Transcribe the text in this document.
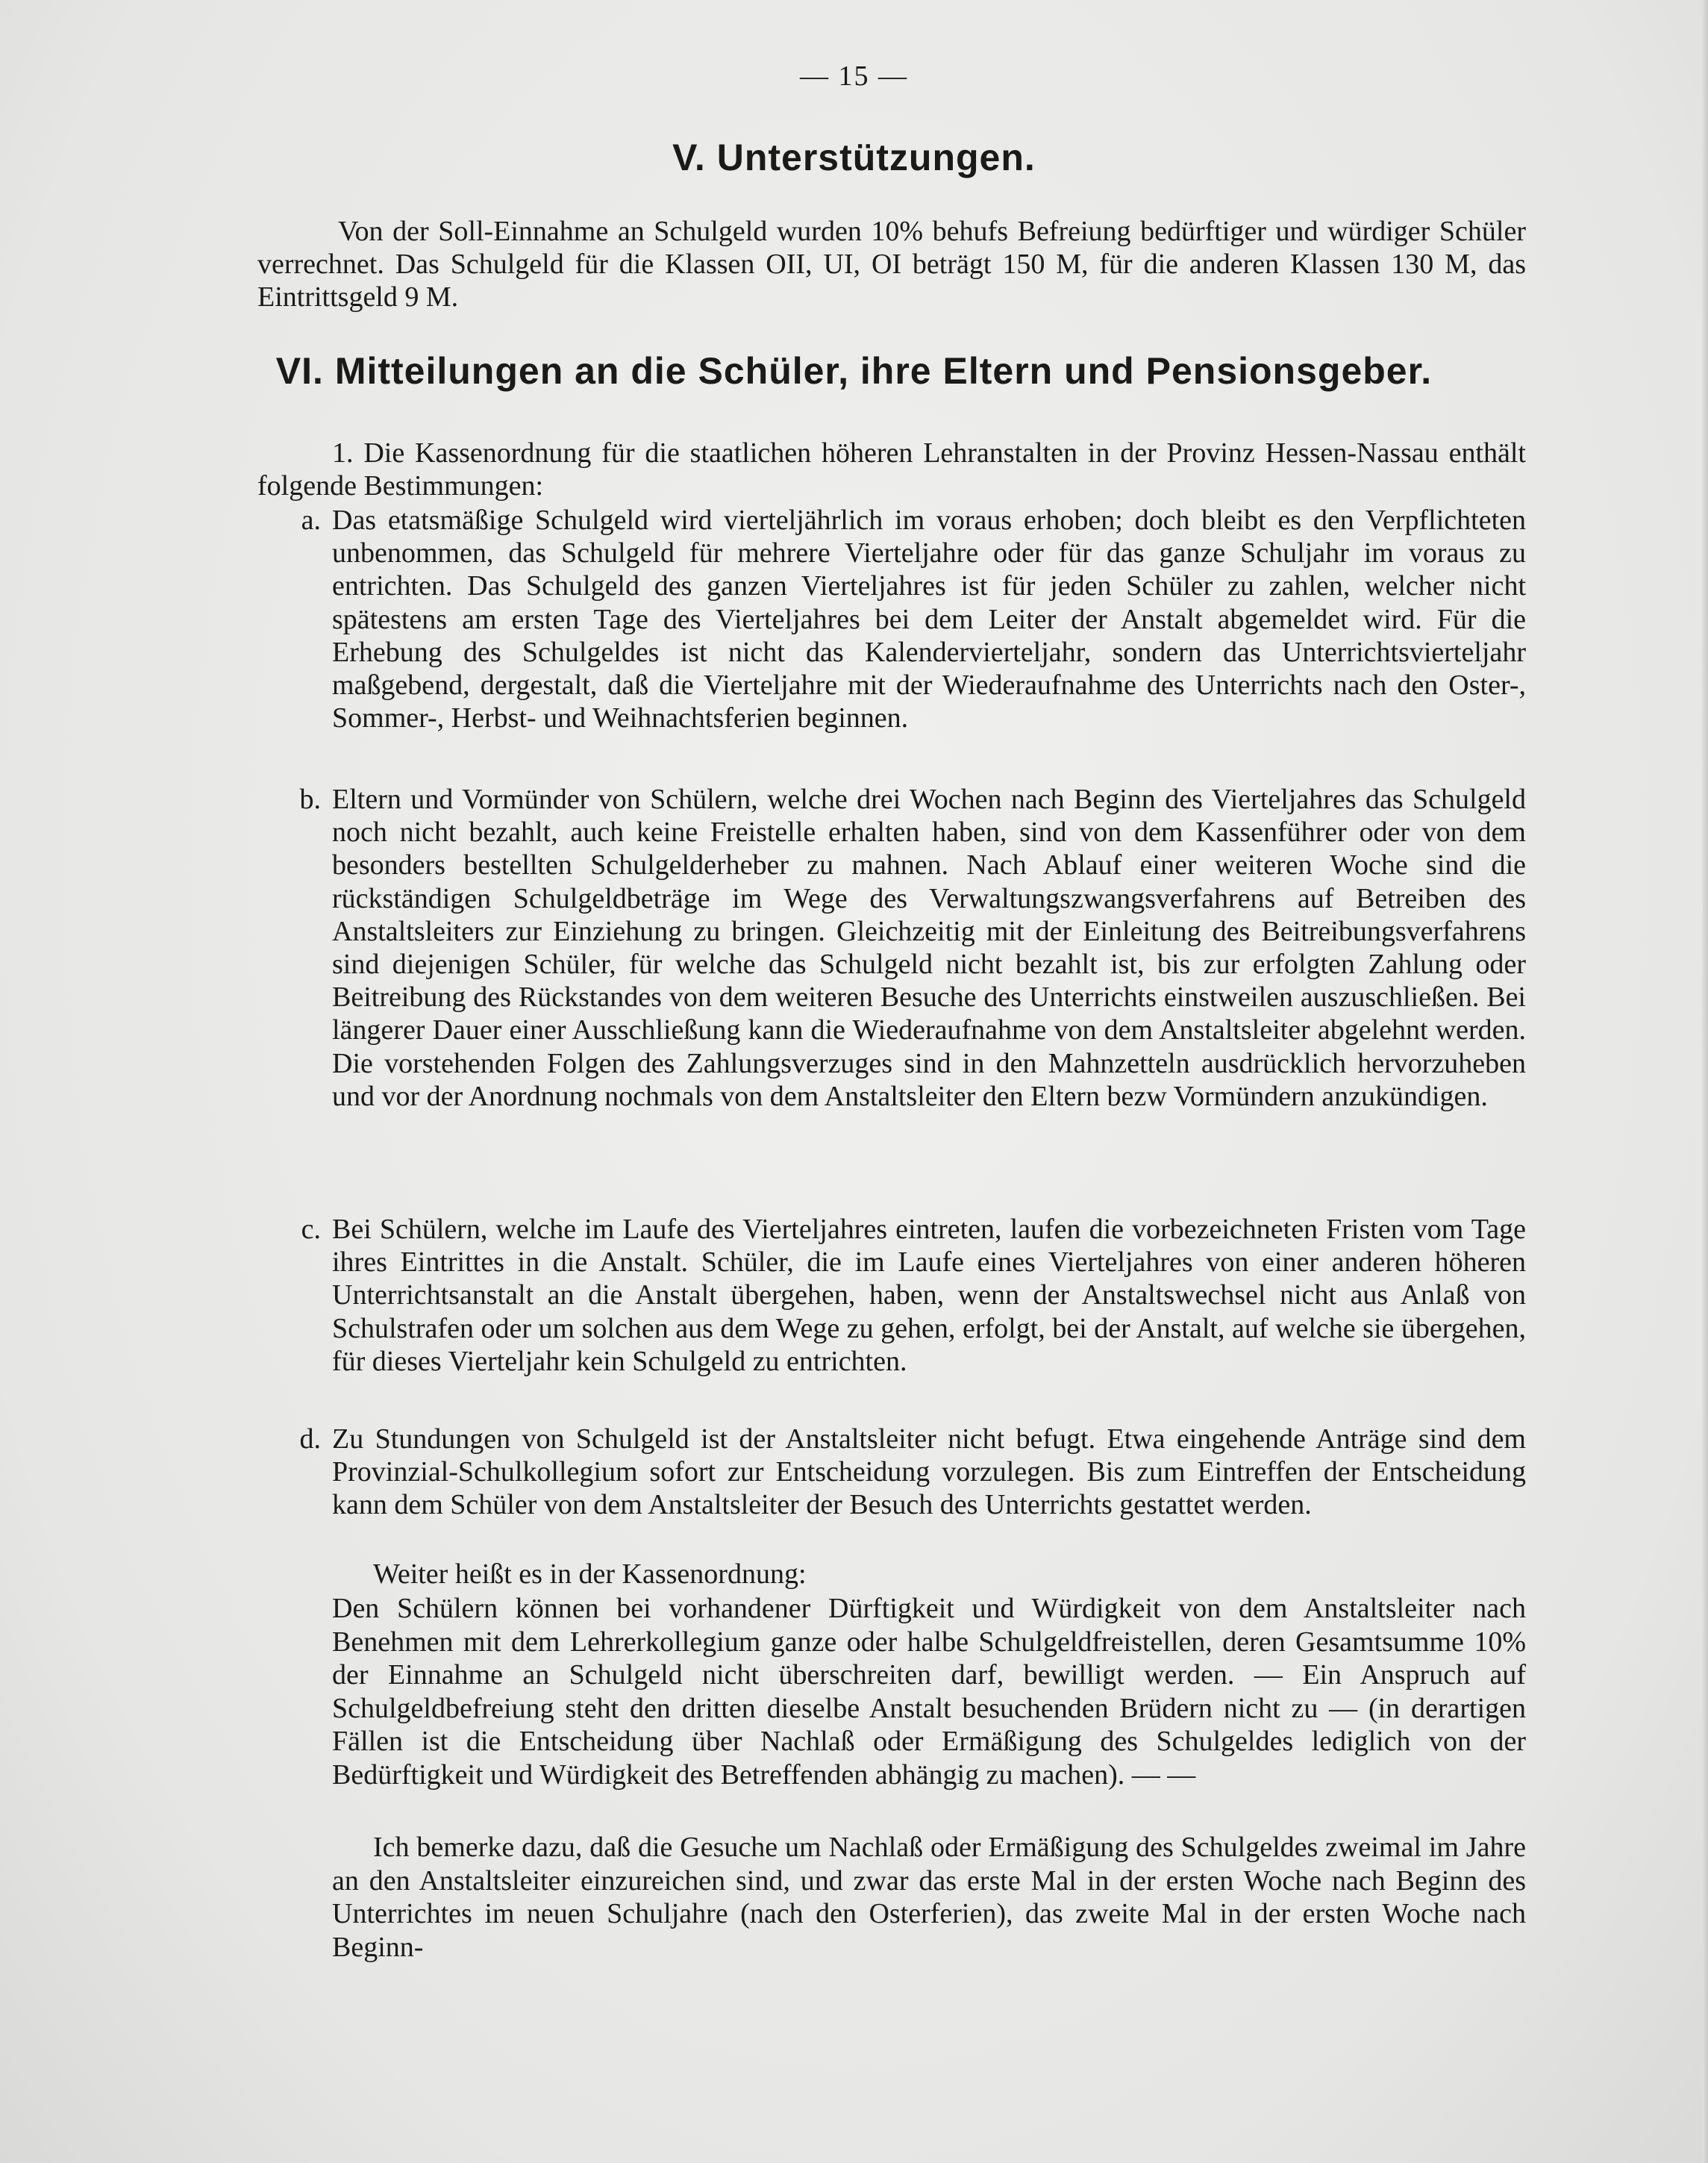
— 15 —
V. Unterstützungen.
Von der Soll-Einnahme an Schulgeld wurden 10% behufs Befreiung bedürftiger und würdiger Schüler verrechnet. Das Schulgeld für die Klassen OII, UI, OI beträgt 150 M, für die anderen Klassen 130 M, das Eintrittsgeld 9 M.
VI. Mitteilungen an die Schüler, ihre Eltern und Pensionsgeber.
1. Die Kassenordnung für die staatlichen höheren Lehranstalten in der Provinz Hessen-Nassau enthält folgende Bestimmungen:
a. Das etatsmäßige Schulgeld wird vierteljährlich im voraus erhoben; doch bleibt es den Verpflichteten unbenommen, das Schulgeld für mehrere Vierteljahre oder für das ganze Schuljahr im voraus zu entrichten. Das Schulgeld des ganzen Vierteljahres ist für jeden Schüler zu zahlen, welcher nicht spätestens am ersten Tage des Vierteljahres bei dem Leiter der Anstalt abgemeldet wird. Für die Erhebung des Schulgeldes ist nicht das Kalendervierteljahr, sondern das Unterrichtsvierteljahr maßgebend, dergestalt, daß die Vierteljahre mit der Wiederaufnahme des Unterrichts nach den Oster-, Sommer-, Herbst- und Weihnachtsferien beginnen.
b. Eltern und Vormünder von Schülern, welche drei Wochen nach Beginn des Vierteljahres das Schulgeld noch nicht bezahlt, auch keine Freistelle erhalten haben, sind von dem Kassenführer oder von dem besonders bestellten Schulgelderheber zu mahnen. Nach Ablauf einer weiteren Woche sind die rückständigen Schulgeldbeträge im Wege des Verwaltungszwangsverfahrens auf Betreiben des Anstaltsleiters zur Einziehung zu bringen. Gleichzeitig mit der Einleitung des Beitreibungsverfahrens sind diejenigen Schüler, für welche das Schulgeld nicht bezahlt ist, bis zur erfolgten Zahlung oder Beitreibung des Rückstandes von dem weiteren Besuche des Unterrichts einstweilen auszuschließen. Bei längerer Dauer einer Ausschließung kann die Wiederaufnahme von dem Anstaltsleiter abgelehnt werden. Die vorstehenden Folgen des Zahlungsverzuges sind in den Mahnzetteln ausdrücklich hervorzuheben und vor der Anordnung nochmals von dem Anstaltsleiter den Eltern bezw Vormündern anzukündigen.
c. Bei Schülern, welche im Laufe des Vierteljahres eintreten, laufen die vorbezeichneten Fristen vom Tage ihres Eintrittes in die Anstalt. Schüler, die im Laufe eines Vierteljahres von einer anderen höheren Unterrichtsanstalt an die Anstalt übergehen, haben, wenn der Anstaltswechsel nicht aus Anlaß von Schulstrafen oder um solchen aus dem Wege zu gehen, erfolgt, bei der Anstalt, auf welche sie übergehen, für dieses Vierteljahr kein Schulgeld zu entrichten.
d. Zu Stundungen von Schulgeld ist der Anstaltsleiter nicht befugt. Etwa eingehende Anträge sind dem Provinzial-Schulkollegium sofort zur Entscheidung vorzulegen. Bis zum Eintreffen der Entscheidung kann dem Schüler von dem Anstaltsleiter der Besuch des Unterrichts gestattet werden.
Weiter heißt es in der Kassenordnung:
Den Schülern können bei vorhandener Dürftigkeit und Würdigkeit von dem Anstaltsleiter nach Benehmen mit dem Lehrerkollegium ganze oder halbe Schulgeldfreistellen, deren Gesamtsumme 10% der Einnahme an Schulgeld nicht überschreiten darf, bewilligt werden. — Ein Anspruch auf Schulgeldbefreiung steht den dritten dieselbe Anstalt besuchenden Brüdern nicht zu — (in derartigen Fällen ist die Entscheidung über Nachlaß oder Ermäßigung des Schulgeldes lediglich von der Bedürftigkeit und Würdigkeit des Betreffenden abhängig zu machen). — —
Ich bemerke dazu, daß die Gesuche um Nachlaß oder Ermäßigung des Schulgeldes zweimal im Jahre an den Anstaltsleiter einzureichen sind, und zwar das erste Mal in der ersten Woche nach Beginn des Unterrichtes im neuen Schuljahre (nach den Osterferien), das zweite Mal in der ersten Woche nach Beginn-
